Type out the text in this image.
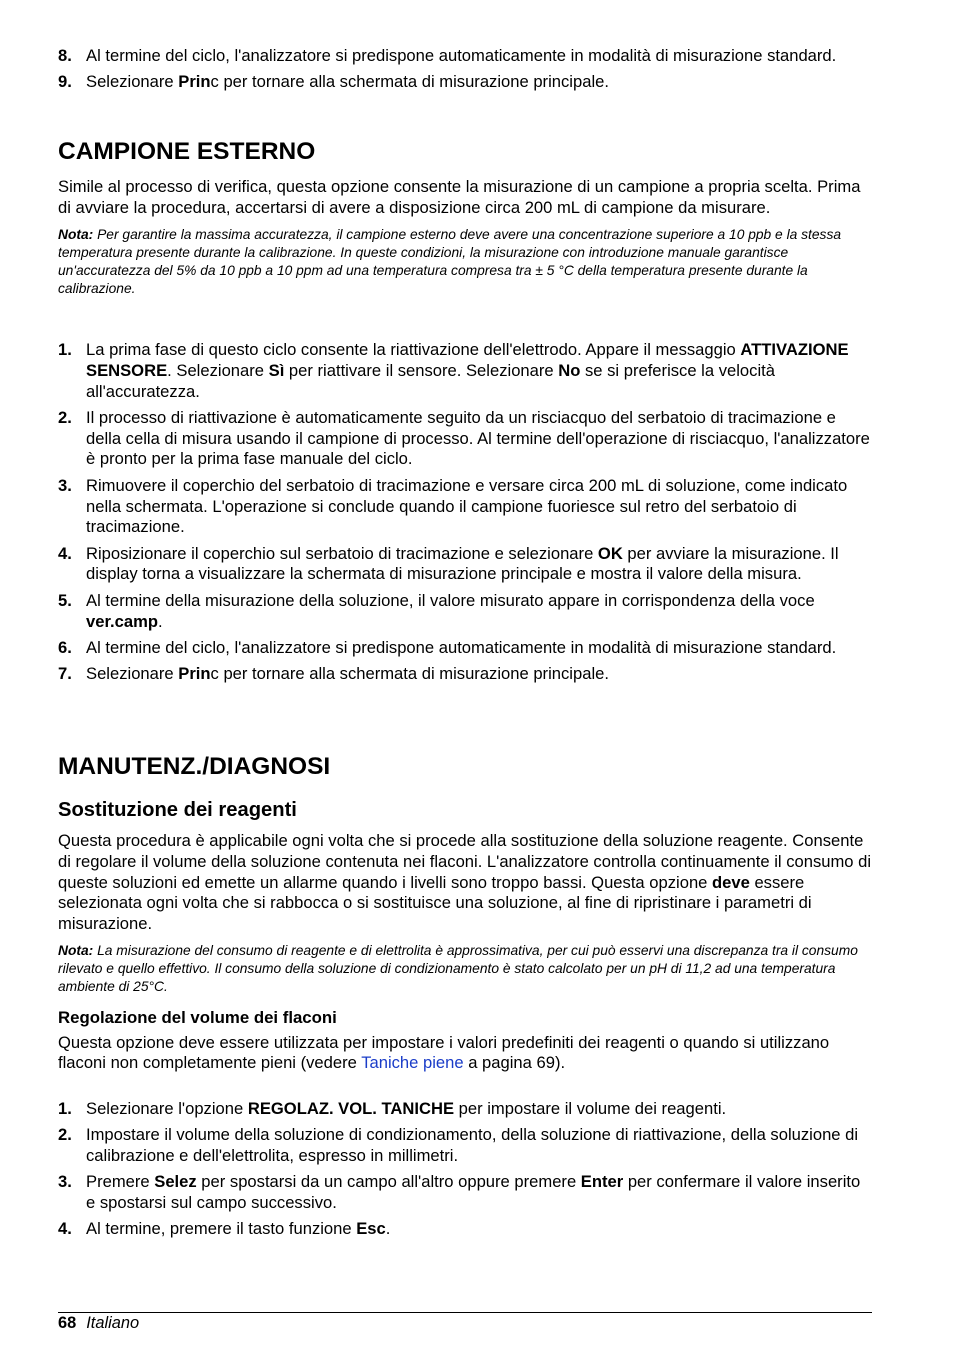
8. Al termine del ciclo, l'analizzatore si predispone automaticamente in modalità di misurazione standard.
9. Selezionare Princ per tornare alla schermata di misurazione principale.
CAMPIONE ESTERNO

Simile al processo di verifica, questa opzione consente la misurazione di un campione a propria scelta. Prima di avviare la procedura, accertarsi di avere a disposizione circa 200 mL di campione da misurare.

Nota: Per garantire la massima accuratezza, il campione esterno deve avere una concentrazione superiore a 10 ppb e la stessa temperatura presente durante la calibrazione. In queste condizioni, la misurazione con introduzione manuale garantisce un'accuratezza del 5% da 10 ppb a 10 ppm ad una temperatura compresa tra ± 5 °C della temperatura presente durante la calibrazione.

1. La prima fase di questo ciclo consente la riattivazione dell'elettrodo. Appare il messaggio ATTIVAZIONE SENSORE. Selezionare Sì per riattivare il sensore. Selezionare No se si preferisce la velocità all'accuratezza.
2. Il processo di riattivazione è automaticamente seguito da un risciacquo del serbatoio di tracimazione e della cella di misura usando il campione di processo. Al termine dell'operazione di risciacquo, l'analizzatore è pronto per la prima fase manuale del ciclo.
3. Rimuovere il coperchio del serbatoio di tracimazione e versare circa 200 mL di soluzione, come indicato nella schermata. L'operazione si conclude quando il campione fuoriesce sul retro del serbatoio di tracimazione.
4. Riposizionare il coperchio sul serbatoio di tracimazione e selezionare OK per avviare la misurazione. Il display torna a visualizzare la schermata di misurazione principale e mostra il valore della misura.
5. Al termine della misurazione della soluzione, il valore misurato appare in corrispondenza della voce ver.camp.
6. Al termine del ciclo, l'analizzatore si predispone automaticamente in modalità di misurazione standard.
7. Selezionare Princ per tornare alla schermata di misurazione principale.
MANUTENZ./DIAGNOSI
Sostituzione dei reagenti

Questa procedura è applicabile ogni volta che si procede alla sostituzione della soluzione reagente. Consente di regolare il volume della soluzione contenuta nei flaconi. L'analizzatore controlla continuamente il consumo di queste soluzioni ed emette un allarme quando i livelli sono troppo bassi. Questa opzione deve essere selezionata ogni volta che si rabbocca o si sostituisce una soluzione, al fine di ripristinare i parametri di misurazione.

Nota: La misurazione del consumo di reagente e di elettrolita è approssimativa, per cui può esservi una discrepanza tra il consumo rilevato e quello effettivo. Il consumo della soluzione di condizionamento è stato calcolato per un pH di 11,2 ad una temperatura ambiente di 25°C.

Regolazione del volume dei flaconi

Questa opzione deve essere utilizzata per impostare i valori predefiniti dei reagenti o quando si utilizzano flaconi non completamente pieni (vedere Taniche piene a pagina 69).

1. Selezionare l'opzione REGOLAZ. VOL. TANICHE per impostare il volume dei reagenti.
2. Impostare il volume della soluzione di condizionamento, della soluzione di riattivazione, della soluzione di calibrazione e dell'elettrolita, espresso in millimetri.
3. Premere Selez per spostarsi da un campo all'altro oppure premere Enter per confermare il valore inserito e spostarsi sul campo successivo.
4. Al termine, premere il tasto funzione Esc.
68 Italiano
